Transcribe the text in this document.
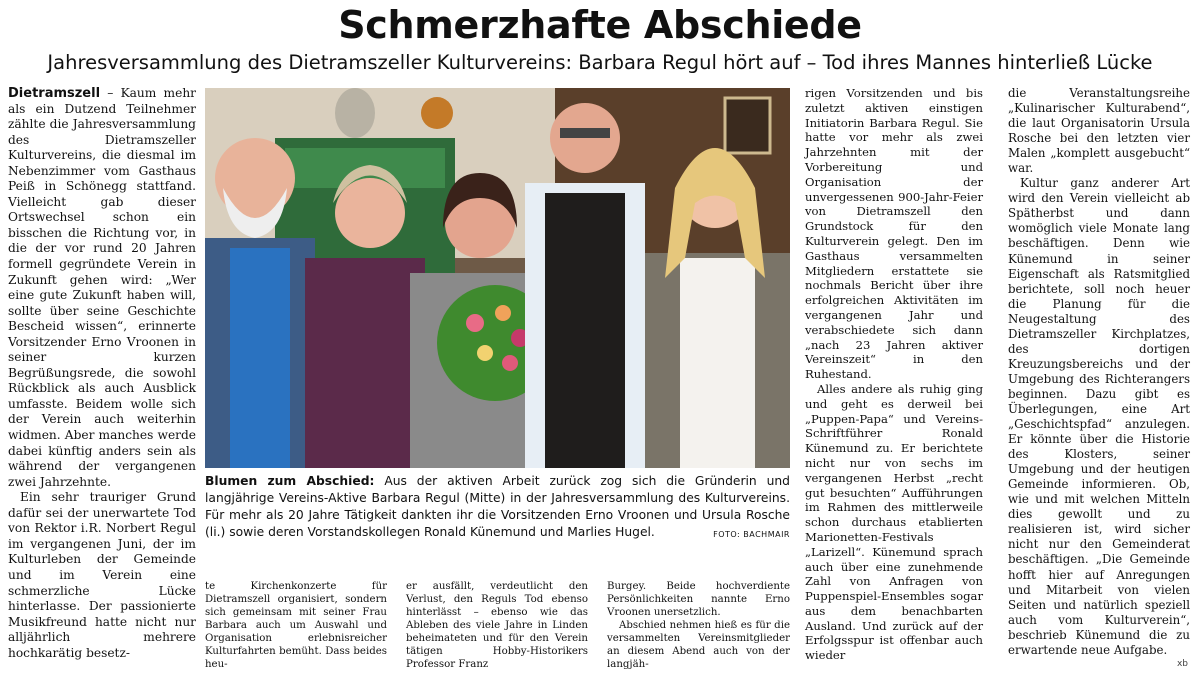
Schmerzhafte Abschiede
Jahresversammlung des Dietramszeller Kulturvereins: Barbara Regul hört auf – Tod ihres Mannes hinterließ Lücke

Dietramszell – Kaum mehr als ein Dutzend Teilnehmer zählte die Jahresversammlung des Dietramszeller Kulturvereins, die diesmal im Nebenzimmer vom Gasthaus Peiß in Schönegg stattfand. Vielleicht gab dieser Ortswechsel schon ein bisschen die Richtung vor, in die der vor rund 20 Jahren formell gegründete Verein in Zukunft gehen wird: „Wer eine gute Zukunft haben will, sollte über seine Geschichte Bescheid wissen“, erinnerte Vorsitzender Erno Vroonen in seiner kurzen Begrüßungsrede, die sowohl Rückblick als auch Ausblick umfasste. Beidem wolle sich der Verein auch weiterhin widmen. Aber manches werde dabei künftig anders sein als während der vergangenen zwei Jahrzehnte.

Ein sehr trauriger Grund dafür sei der unerwartete Tod von Rektor i.R. Norbert Regul im vergangenen Juni, der im Kulturleben der Gemeinde und im Verein eine schmerzliche Lücke hinterlasse. Der passionierte Musikfreund hatte nicht nur alljährlich mehrere hochkarätig besetz-

Blumen zum Abschied: Aus der aktiven Arbeit zurück zog sich die Gründerin und langjährige Vereins-Aktive Barbara Regul (Mitte) in der Jahresversammlung des Kulturvereins. Für mehr als 20 Jahre Tätigkeit dankten ihr die Vorsitzenden Erno Vroonen und Ursula Rosche (li.) sowie deren Vorstandskollegen Ronald Künemund und Marlies Hugel.	FOTO: BACHMAIR

te Kirchenkonzerte für Dietramszell organisiert, sondern sich gemeinsam mit seiner Frau Barbara auch um Auswahl und Organisation erlebnisreicher Kulturfahrten bemüht. Dass beides heu-

er ausfällt, verdeutlicht den Verlust, den Reguls Tod ebenso hinterlässt – ebenso wie das Ableben des viele Jahre in Linden beheimateten und für den Verein tätigen Hobby-Historikers Professor Franz

Burgey. Beide hochverdiente Persönlichkeiten nannte Erno Vroonen unersetzlich.

Abschied nehmen hieß es für die versammelten Vereinsmitglieder an diesem Abend auch von der langjäh-

rigen Vorsitzenden und bis zuletzt aktiven einstigen Initiatorin Barbara Regul. Sie hatte vor mehr als zwei Jahrzehnten mit der Vorbereitung und Organisation der unvergessenen 900-Jahr-Feier von Dietramszell den Grundstock für den Kulturverein gelegt. Den im Gasthaus versammelten Mitgliedern erstattete sie nochmals Bericht über ihre erfolgreichen Aktivitäten im vergangenen Jahr und verabschiedete sich dann „nach 23 Jahren aktiver Vereinszeit“ in den Ruhestand.

Alles andere als ruhig ging und geht es derweil bei „Puppen-Papa“ und Vereins-Schriftführer Ronald Künemund zu. Er berichtete nicht nur von sechs im vergangenen Herbst „recht gut besuchten“ Aufführungen im Rahmen des mittlerweile schon durchaus etablierten Marionetten-Festivals „Larizell“. Künemund sprach auch über eine zunehmende Zahl von Anfragen von Puppenspiel-Ensembles sogar aus dem benachbarten Ausland. Und zurück auf der Erfolgsspur ist offenbar auch wieder

die Veranstaltungsreihe „Kulinarischer Kulturabend“, die laut Organisatorin Ursula Rosche bei den letzten vier Malen „komplett ausgebucht“ war.

Kultur ganz anderer Art wird den Verein vielleicht ab Spätherbst und dann womöglich viele Monate lang beschäftigen. Denn wie Künemund in seiner Eigenschaft als Ratsmitglied berichtete, soll noch heuer die Planung für die Neugestaltung des Dietramszeller Kirchplatzes, des dortigen Kreuzungsbereichs und der Umgebung des Richterangers beginnen. Dazu gibt es Überlegungen, eine Art „Geschichtspfad“ anzulegen. Er könnte über die Historie des Klosters, seiner Umgebung und der heutigen Gemeinde informieren. Ob, wie und mit welchen Mitteln dies gewollt und zu realisieren ist, wird sicher nicht nur den Gemeinderat beschäftigen. „Die Gemeinde hofft hier auf Anregungen und Mitarbeit von vielen Seiten und natürlich speziell auch vom Kulturverein“, beschrieb Künemund die zu erwartende neue Aufgabe.

xb
